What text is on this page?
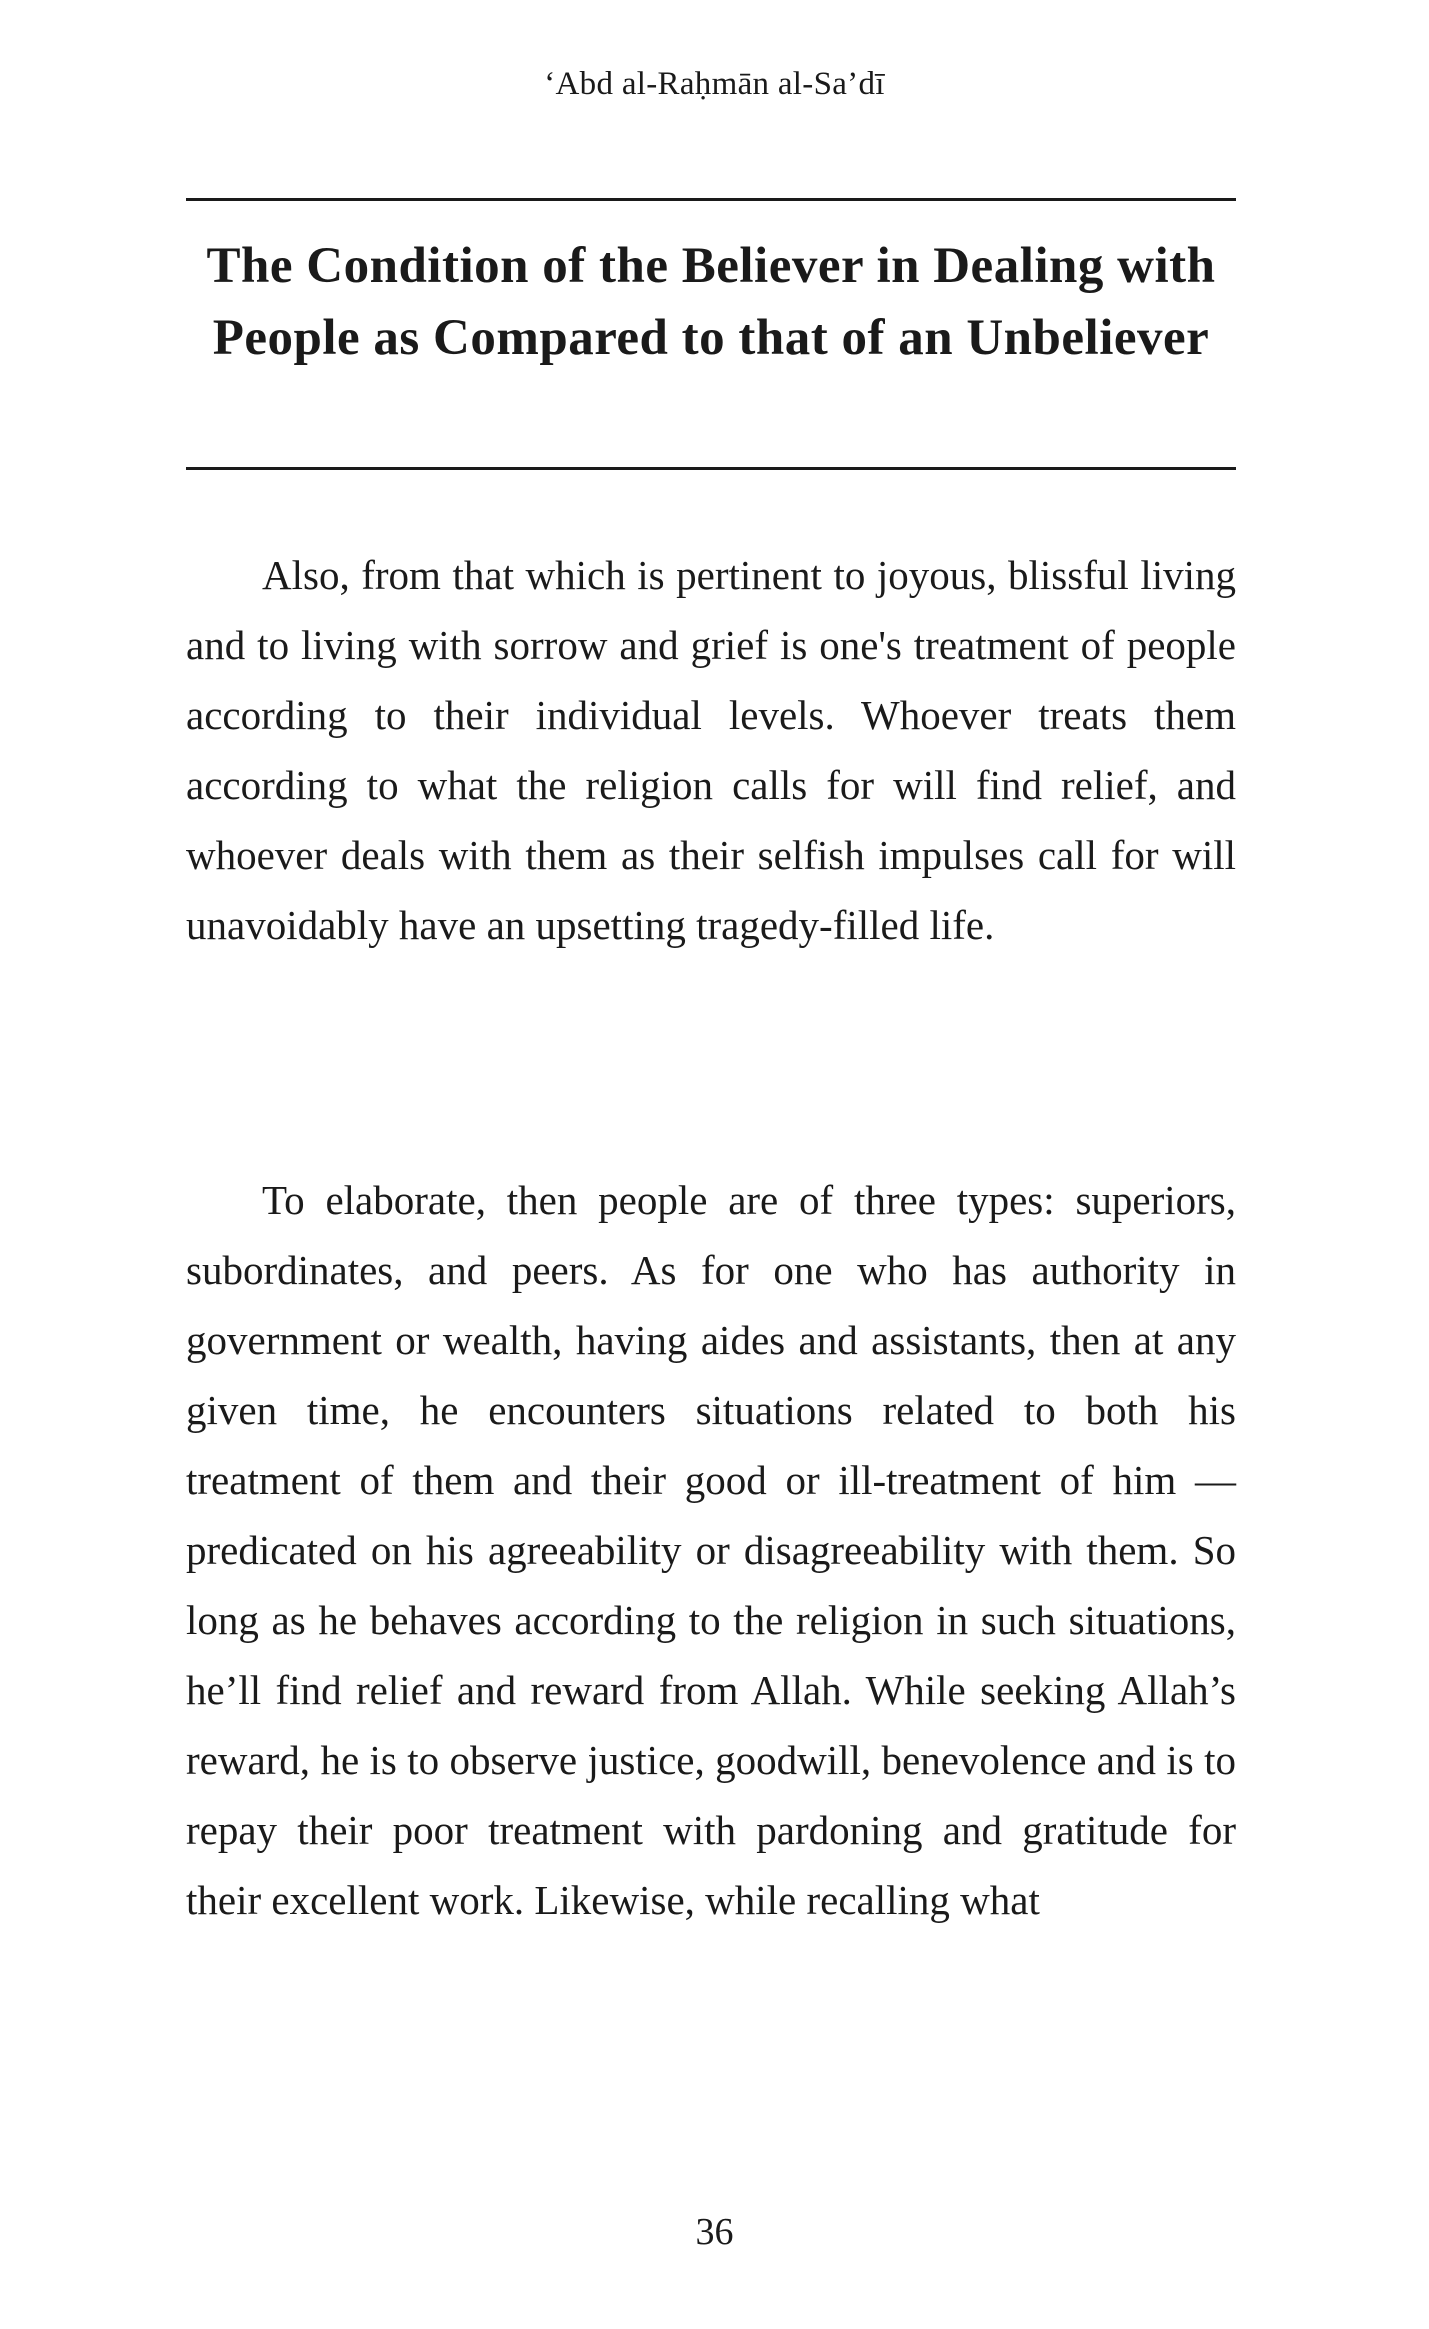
‘Abd al-Raḥmān al-Sa’dī
The Condition of the Believer in Dealing with People as Compared to that of an Unbeliever

Also, from that which is pertinent to joyous, blissful living and to living with sorrow and grief is one's treatment of people according to their individual levels. Whoever treats them according to what the religion calls for will find relief, and whoever deals with them as their selfish impulses call for will unavoidably have an upsetting tragedy-filled life.

To elaborate, then people are of three types: superiors, subordinates, and peers. As for one who has authority in government or wealth, having aides and assistants, then at any given time, he encounters situations related to both his treatment of them and their good or ill-treatment of him — predicated on his agreeability or disagreeability with them. So long as he behaves according to the religion in such situations, he’ll find relief and reward from Allah. While seeking Allah’s reward, he is to observe justice, goodwill, benevolence and is to repay their poor treatment with pardoning and gratitude for their excellent work. Likewise, while recalling what

36
